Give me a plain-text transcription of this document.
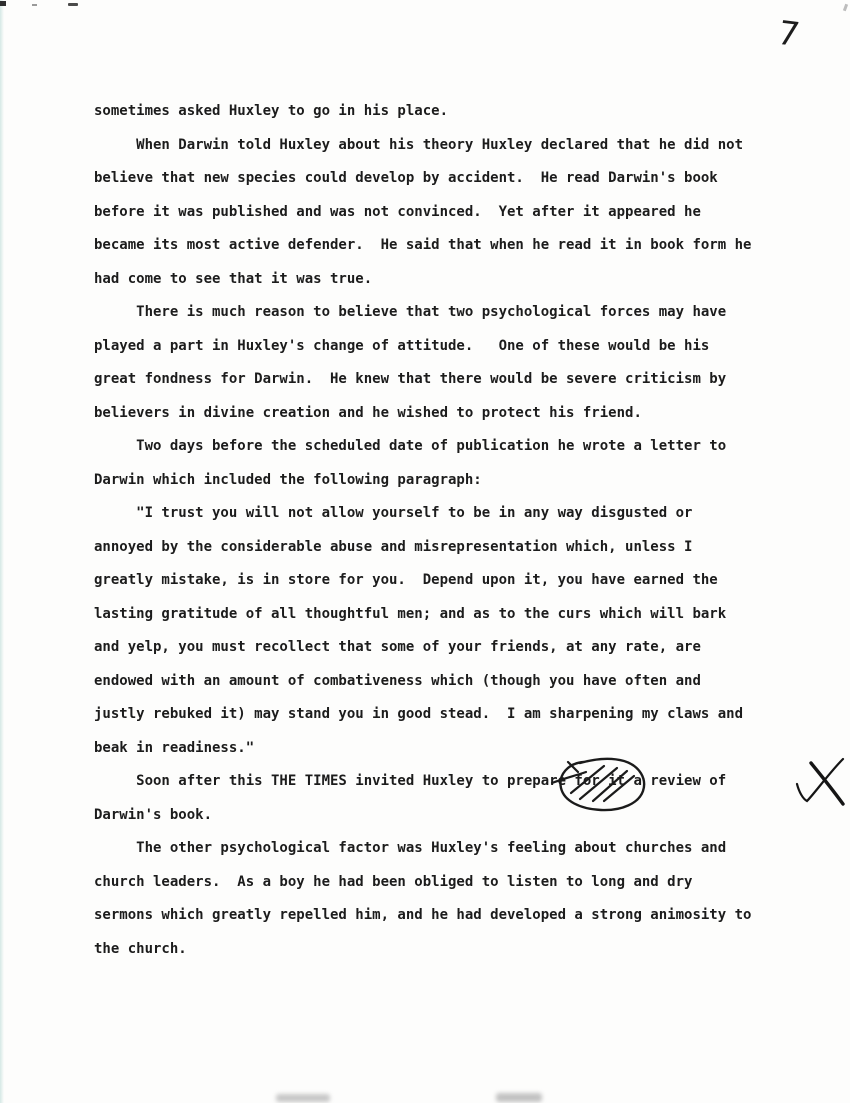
7
sometimes asked Huxley to go in his place.
When Darwin told Huxley about his theory Huxley declared that he did not
believe that new species could develop by accident.  He read Darwin's book
before it was published and was not convinced.  Yet after it appeared he
became its most active defender.  He said that when he read it in book form he
had come to see that it was true.
There is much reason to believe that two psychological forces may have
played a part in Huxley's change of attitude.   One of these would be his
great fondness for Darwin.  He knew that there would be severe criticism by
believers in divine creation and he wished to protect his friend.
Two days before the scheduled date of publication he wrote a letter to
Darwin which included the following paragraph:
"I trust you will not allow yourself to be in any way disgusted or
annoyed by the considerable abuse and misrepresentation which, unless I
greatly mistake, is in store for you.  Depend upon it, you have earned the
lasting gratitude of all thoughtful men; and as to the curs which will bark
and yelp, you must recollect that some of your friends, at any rate, are
endowed with an amount of combativeness which (though you have often and
justly rebuked it) may stand you in good stead.  I am sharpening my claws and
beak in readiness."
Soon after this THE TIMES invited Huxley to prepare for it a review of
Darwin's book.
The other psychological factor was Huxley's feeling about churches and
church leaders.  As a boy he had been obliged to listen to long and dry
sermons which greatly repelled him, and he had developed a strong animosity to
the church.
